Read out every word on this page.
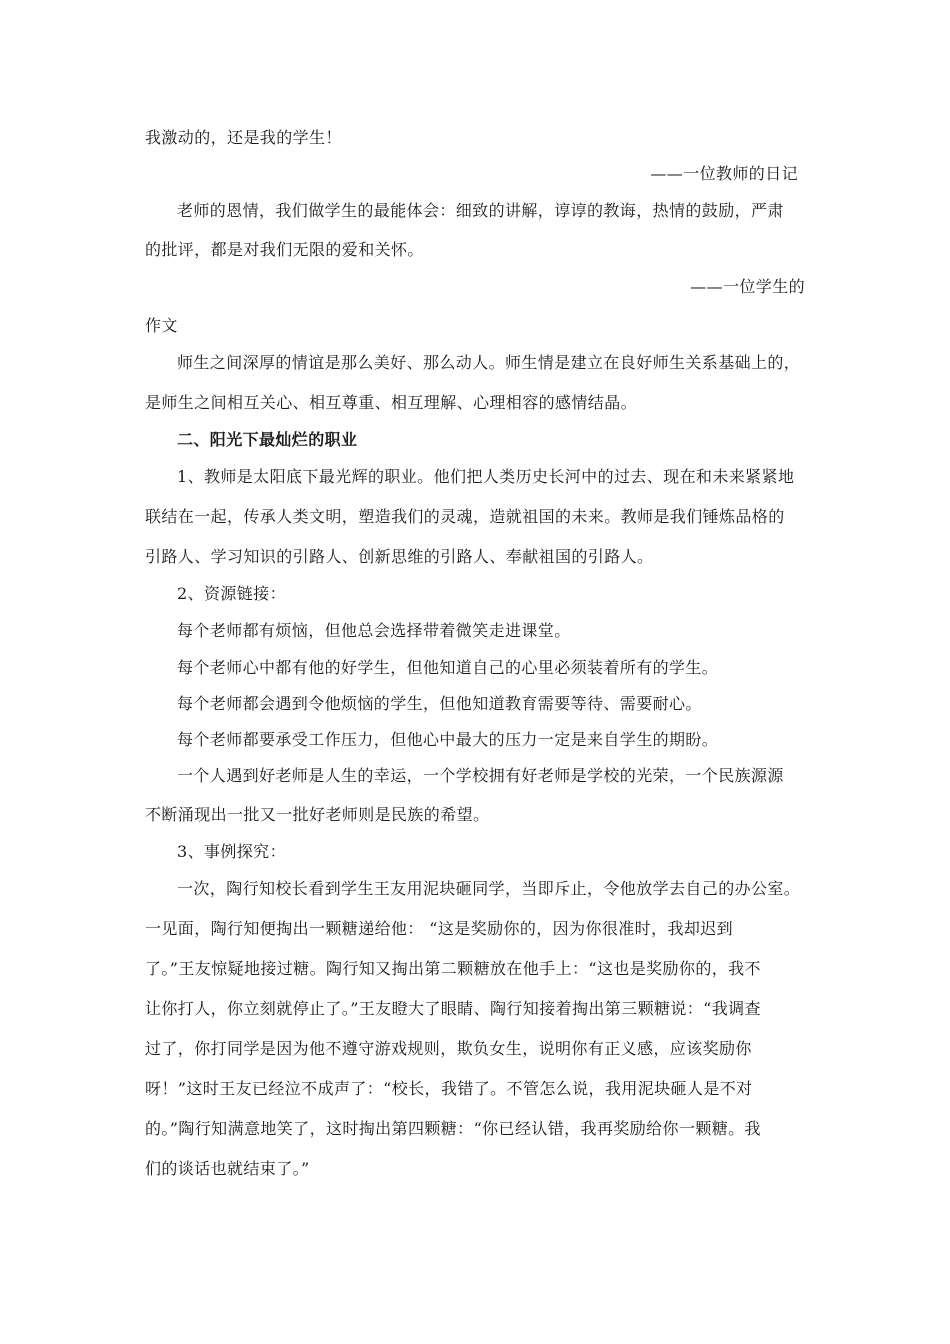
我激动的，还是我的学生！
——一位教师的日记
老师的恩情，我们做学生的最能体会：细致的讲解，谆谆的教诲，热情的鼓励，严肃
的批评，都是对我们无限的爱和关怀。
——一位学生的
作文
师生之间深厚的情谊是那么美好、那么动人。师生情是建立在良好师生关系基础上的，
是师生之间相互关心、相互尊重、相互理解、心理相容的感情结晶。
二、阳光下最灿烂的职业
1、教师是太阳底下最光辉的职业。他们把人类历史长河中的过去、现在和未来紧紧地
联结在一起，传承人类文明，塑造我们的灵魂，造就祖国的未来。教师是我们锤炼品格的
引路人、学习知识的引路人、创新思维的引路人、奉献祖国的引路人。
2、资源链接：
每个老师都有烦恼，但他总会选择带着微笑走进课堂。
每个老师心中都有他的好学生，但他知道自己的心里必须装着所有的学生。
每个老师都会遇到令他烦恼的学生，但他知道教育需要等待、需要耐心。
每个老师都要承受工作压力，但他心中最大的压力一定是来自学生的期盼。
一个人遇到好老师是人生的幸运，一个学校拥有好老师是学校的光荣，一个民族源源
不断涌现出一批又一批好老师则是民族的希望。
3、事例探究：
一次，陶行知校长看到学生王友用泥块砸同学，当即斥止，令他放学去自己的办公室。
一见面，陶行知便掏出一颗糖递给他： “这是奖励你的，因为你很准时，我却迟到
了。”王友惊疑地接过糖。陶行知又掏出第二颗糖放在他手上：“这也是奖励你的，我不
让你打人，你立刻就停止了。”王友瞪大了眼睛、陶行知接着掏出第三颗糖说：“我调查
过了，你打同学是因为他不遵守游戏规则，欺负女生，说明你有正义感，应该奖励你
呀！”这时王友已经泣不成声了：“校长，我错了。不管怎么说，我用泥块砸人是不对
的。”陶行知满意地笑了，这时掏出第四颗糖：“你已经认错，我再奖励给你一颗糖。我
们的谈话也就结束了。”
